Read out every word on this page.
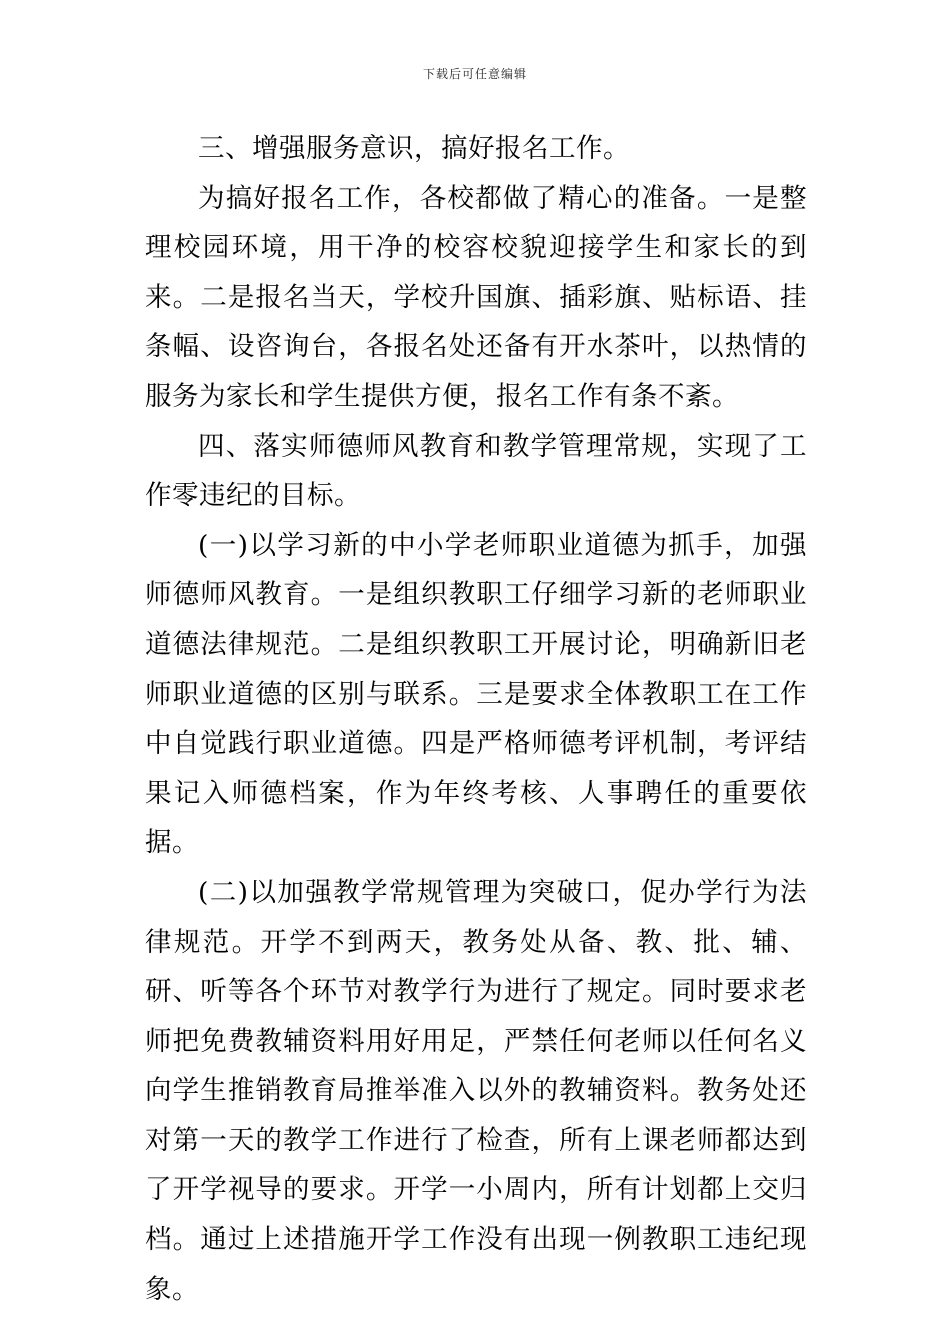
下载后可任意编辑

三、增强服务意识，搞好报名工作。

为搞好报名工作，各校都做了精心的准备。一是整理校园环境，用干净的校容校貌迎接学生和家长的到来。二是报名当天，学校升国旗、插彩旗、贴标语、挂条幅、设咨询台，各报名处还备有开水茶叶，以热情的服务为家长和学生提供方便，报名工作有条不紊。

四、落实师德师风教育和教学管理常规，实现了工作零违纪的目标。

(一)以学习新的中小学老师职业道德为抓手，加强师德师风教育。一是组织教职工仔细学习新的老师职业道德法律规范。二是组织教职工开展讨论，明确新旧老师职业道德的区别与联系。三是要求全体教职工在工作中自觉践行职业道德。四是严格师德考评机制，考评结果记入师德档案，作为年终考核、人事聘任的重要依据。

(二)以加强教学常规管理为突破口，促办学行为法律规范。开学不到两天，教务处从备、教、批、辅、研、听等各个环节对教学行为进行了规定。同时要求老师把免费教辅资料用好用足，严禁任何老师以任何名义向学生推销教育局推举准入以外的教辅资料。教务处还对第一天的教学工作进行了检查，所有上课老师都达到了开学视导的要求。开学一小周内，所有计划都上交归档。通过上述措施开学工作没有出现一例教职工违纪现象。
